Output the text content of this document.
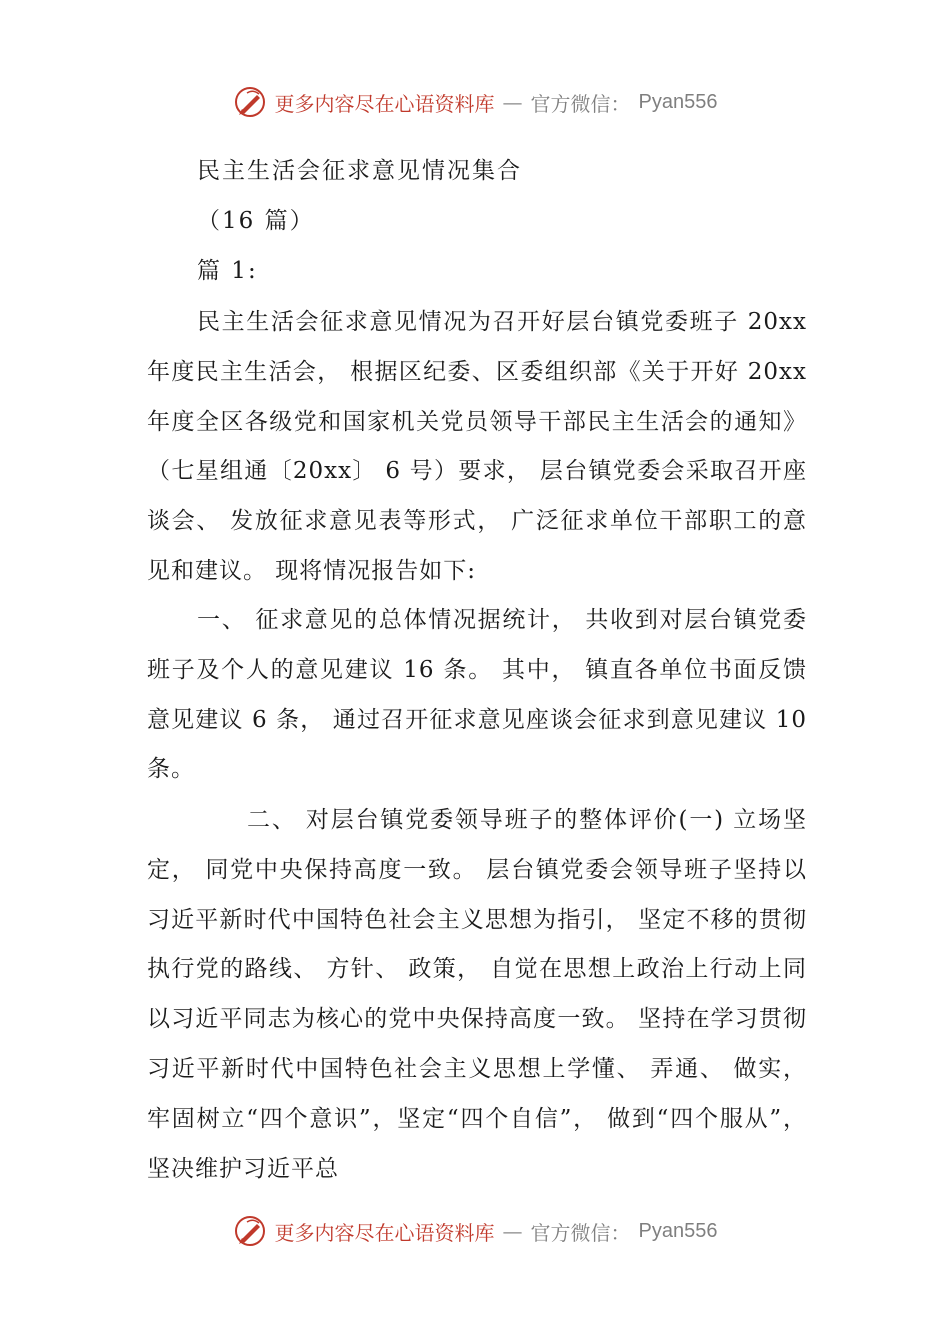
更多内容尽在心语资料库 — 官方微信： Pyan556
民主生活会征求意见情况集合
（16 篇）
篇 1:
民主生活会征求意见情况为召开好层台镇党委班子 20xx 年度民主生活会， 根据区纪委、区委组织部《关于开好 20xx 年度全区各级党和国家机关党员领导干部民主生活会的通知》（七星组通〔20xx〕 6 号）要求， 层台镇党委会采取召开座谈会、 发放征求意见表等形式， 广泛征求单位干部职工的意见和建议。 现将情况报告如下:
一、 征求意见的总体情况据统计， 共收到对层台镇党委班子及个人的意见建议 16 条。 其中， 镇直各单位书面反馈意见建议 6 条， 通过召开征求意见座谈会征求到意见建议 10 条。
二、 对层台镇党委领导班子的整体评价(一) 立场坚定， 同党中央保持高度一致。 层台镇党委会领导班子坚持以习近平新时代中国特色社会主义思想为指引， 坚定不移的贯彻执行党的路线、 方针、 政策， 自觉在思想上政治上行动上同以习近平同志为核心的党中央保持高度一致。 坚持在学习贯彻习近平新时代中国特色社会主义思想上学懂、 弄通、 做实， 牢固树立“四个意识”，坚定“四个自信”， 做到“四个服从”， 坚决维护习近平总
更多内容尽在心语资料库 — 官方微信： Pyan556
